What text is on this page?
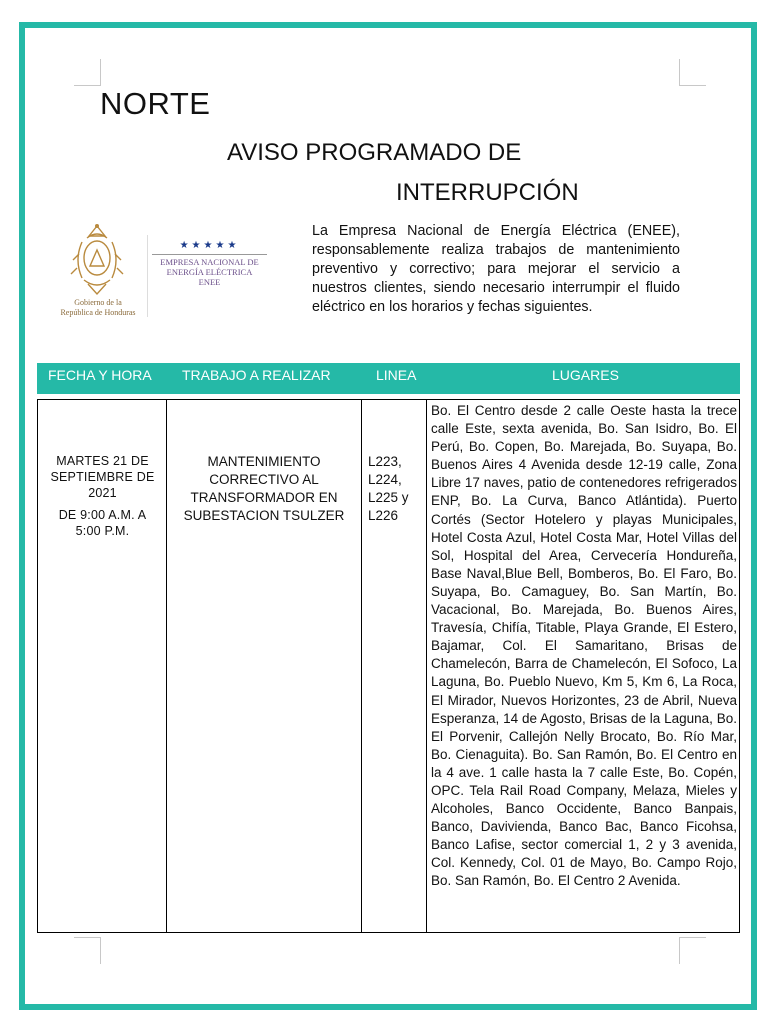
NORTE
AVISO PROGRAMADO DE
INTERRUPCIÓN
Gobierno de la
República de Honduras
★★★★★
EMPRESA NACIONAL DE
ENERGÍA ELÉCTRICA
ENEE

La Empresa Nacional de Energía Eléctrica (ENEE), responsablemente realiza trabajos de mantenimiento preventivo y correctivo; para mejorar el servicio a nuestros clientes, siendo necesario interrumpir el fluido eléctrico en los horarios y fechas siguientes.

FECHA Y HORA TRABAJO A REALIZAR	LINEA	LUGARES

MARTES 21 DE

SEPTIEMBRE DE

2021

DE 9:00 A.M. A

5:00 P.M.

MANTENIMIENTO
CORRECTIVO AL
TRANSFORMADOR EN
SUBESTACION TSULZER
L223,
L224,
L225 y
L226

Bo. El Centro desde 2 calle Oeste hasta la trece calle Este, sexta avenida, Bo. San Isidro, Bo. El Perú, Bo. Copen, Bo. Marejada, Bo. Suyapa, Bo. Buenos Aires 4 Avenida desde 12-19 calle, Zona Libre 17 naves, patio de contenedores refrigerados ENP, Bo. La Curva, Banco Atlántida). Puerto Cortés (Sector Hotelero y playas Municipales, Hotel Costa Azul, Hotel Costa Mar, Hotel Villas del Sol, Hospital del Area, Cervecería Hondureña, Base Naval,Blue Bell, Bomberos, Bo. El Faro, Bo. Suyapa, Bo. Camaguey, Bo. San Martín, Bo. Vacacional, Bo. Marejada, Bo. Buenos Aires, Travesía, Chifía, Titable, Playa Grande, El Estero, Bajamar, Col. El Samaritano, Brisas de Chamelecón, Barra de Chamelecón, El Sofoco, La Laguna, Bo. Pueblo Nuevo, Km 5, Km 6, La Roca, El Mirador, Nuevos Horizontes, 23 de Abril, Nueva Esperanza, 14 de Agosto, Brisas de la Laguna, Bo. El Porvenir, Callejón Nelly Brocato, Bo. Río Mar, Bo. Cienaguita). Bo. San Ramón, Bo. El Centro en la 4 ave. 1 calle hasta la 7 calle Este, Bo. Copén, OPC. Tela Rail Road Company, Melaza, Mieles y Alcoholes, Banco Occidente, Banco Banpais, Banco, Davivienda, Banco Bac, Banco Ficohsa, Banco Lafise, sector comercial 1, 2 y 3 avenida, Col. Kennedy, Col. 01 de Mayo, Bo. Campo Rojo, Bo. San Ramón, Bo. El Centro 2 Avenida.
